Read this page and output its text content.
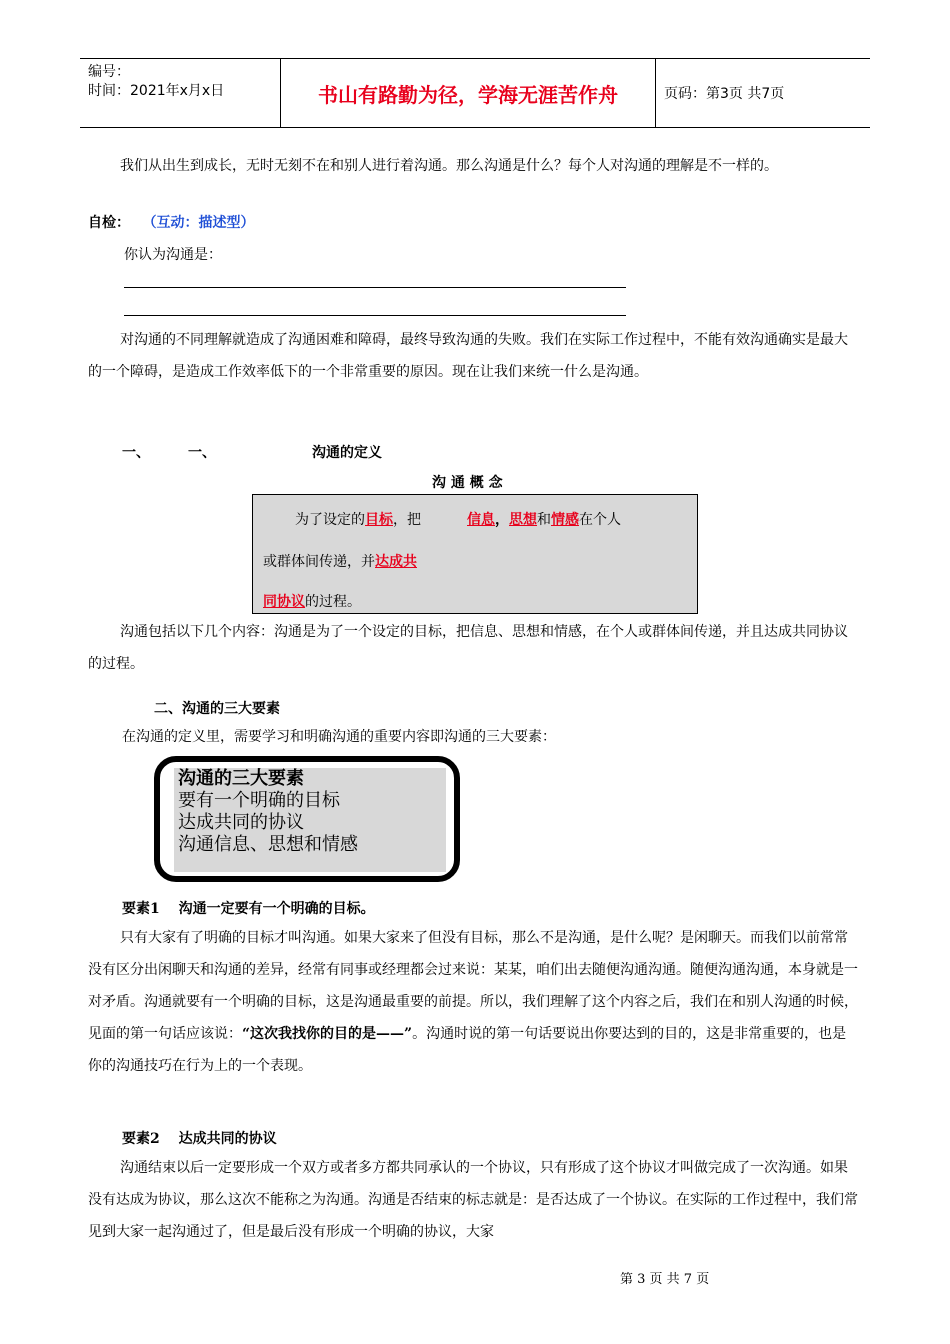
编号：
时间：2021年x月x日	书山有路勤为径，学海无涯苦作舟	页码：第3页 共7页
我们从出生到成长，无时无刻不在和别人进行着沟通。那么沟通是什么？每个人对沟通的理解是不一样的。
自检： （互动：描述型）
你认为沟通是：
对沟通的不同理解就造成了沟通困难和障碍，最终导致沟通的失败。我们在实际工作过程中，不能有效沟通确实是最大的一个障碍，是造成工作效率低下的一个非常重要的原因。现在让我们来统一什么是沟通。
一、	一、	沟通的定义
沟 通 概 念
为了设定的目标，把	信息，思想和情感在个人
或群体间传递，并达成共
同协议的过程。
沟通包括以下几个内容：沟通是为了一个设定的目标，把信息、思想和情感，在个人或群体间传递，并且达成共同协议的过程。
二、沟通的三大要素
在沟通的定义里，需要学习和明确沟通的重要内容即沟通的三大要素：
沟通的三大要素
要有一个明确的目标
达成共同的协议
沟通信息、思想和情感
要素1 沟通一定要有一个明确的目标。
只有大家有了明确的目标才叫沟通。如果大家来了但没有目标，那么不是沟通，是什么呢？是闲聊天。而我们以前常常没有区分出闲聊天和沟通的差异，经常有同事或经理都会过来说：某某，咱们出去随便沟通沟通。随便沟通沟通，本身就是一对矛盾。沟通就要有一个明确的目标，这是沟通最重要的前提。所以，我们理解了这个内容之后，我们在和别人沟通的时候，见面的第一句话应该说：“这次我找你的目的是——”。沟通时说的第一句话要说出你要达到的目的，这是非常重要的，也是你的沟通技巧在行为上的一个表现。
要素2 达成共同的协议
沟通结束以后一定要形成一个双方或者多方都共同承认的一个协议，只有形成了这个协议才叫做完成了一次沟通。如果没有达成为协议，那么这次不能称之为沟通。沟通是否结束的标志就是：是否达成了一个协议。在实际的工作过程中，我们常见到大家一起沟通过了，但是最后没有形成一个明确的协议，大家
第 3 页 共 7 页
